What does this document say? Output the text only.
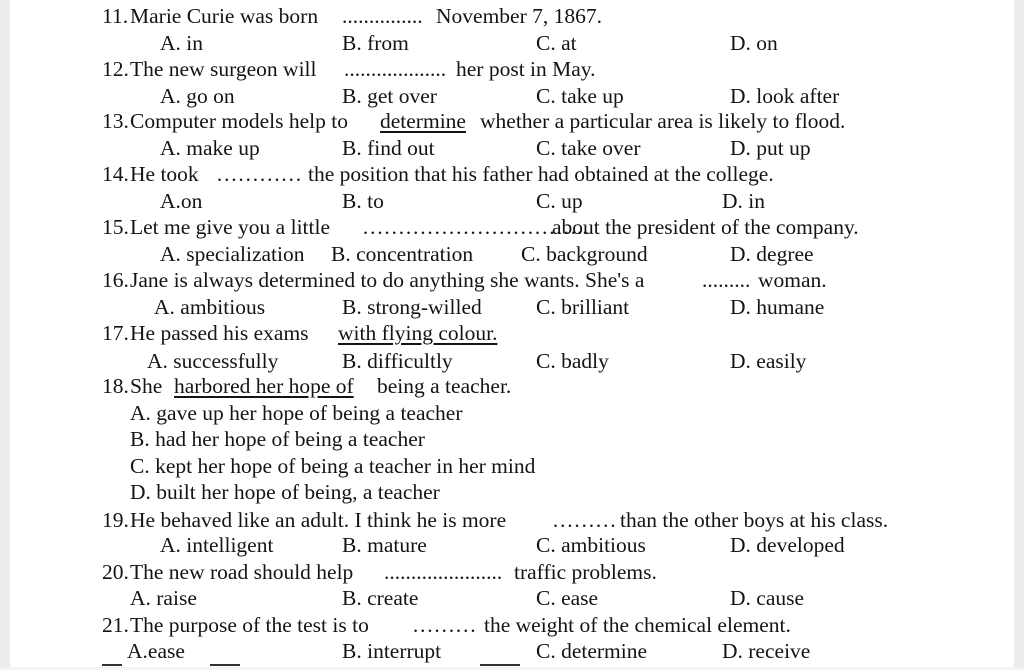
11. Marie Curie was born ............... November 7, 1867.
A. in	B. from	C. at	D. on
12. The new surgeon will ................... her post in May.
A. go on	B. get over	C. take up	D. look after
13. Computer models help to determine whether a particular area is likely to flood.
A. make up	B. find out	C. take over	D. put up
14. He took ………… the position that his father had obtained at the college.
A.on	B. to	C. up	D. in
15. Let me give you a little …………………………..
about the president of the company.
A. specialization B. concentration C. background	D. degree
16. Jane is always determined to do anything she wants. She's a	......... woman.
A. ambitious	B. strong-willed	C. brilliant	D. humane
17. He passed his exams with flying colour.
A. successfully	B. difficultly	C. badly	D. easily
18. She harbored her hope of being a teacher.
A. gave up her hope of being a teacher
B. had her hope of being a teacher
C. kept her hope of being a teacher in her mind
D. built her hope of being, a teacher
19. He behaved like an adult. I think he is more ……… than the other boys at his class.
A. intelligent	B. mature	C. ambitious	D. developed
20. The new road should help ...................... traffic problems.
A. raise	B. create	C. ease	D. cause
21. The purpose of the test is to ……… the weight of the chemical element.
A.ease	B. interrupt	C. determine	D. receive
